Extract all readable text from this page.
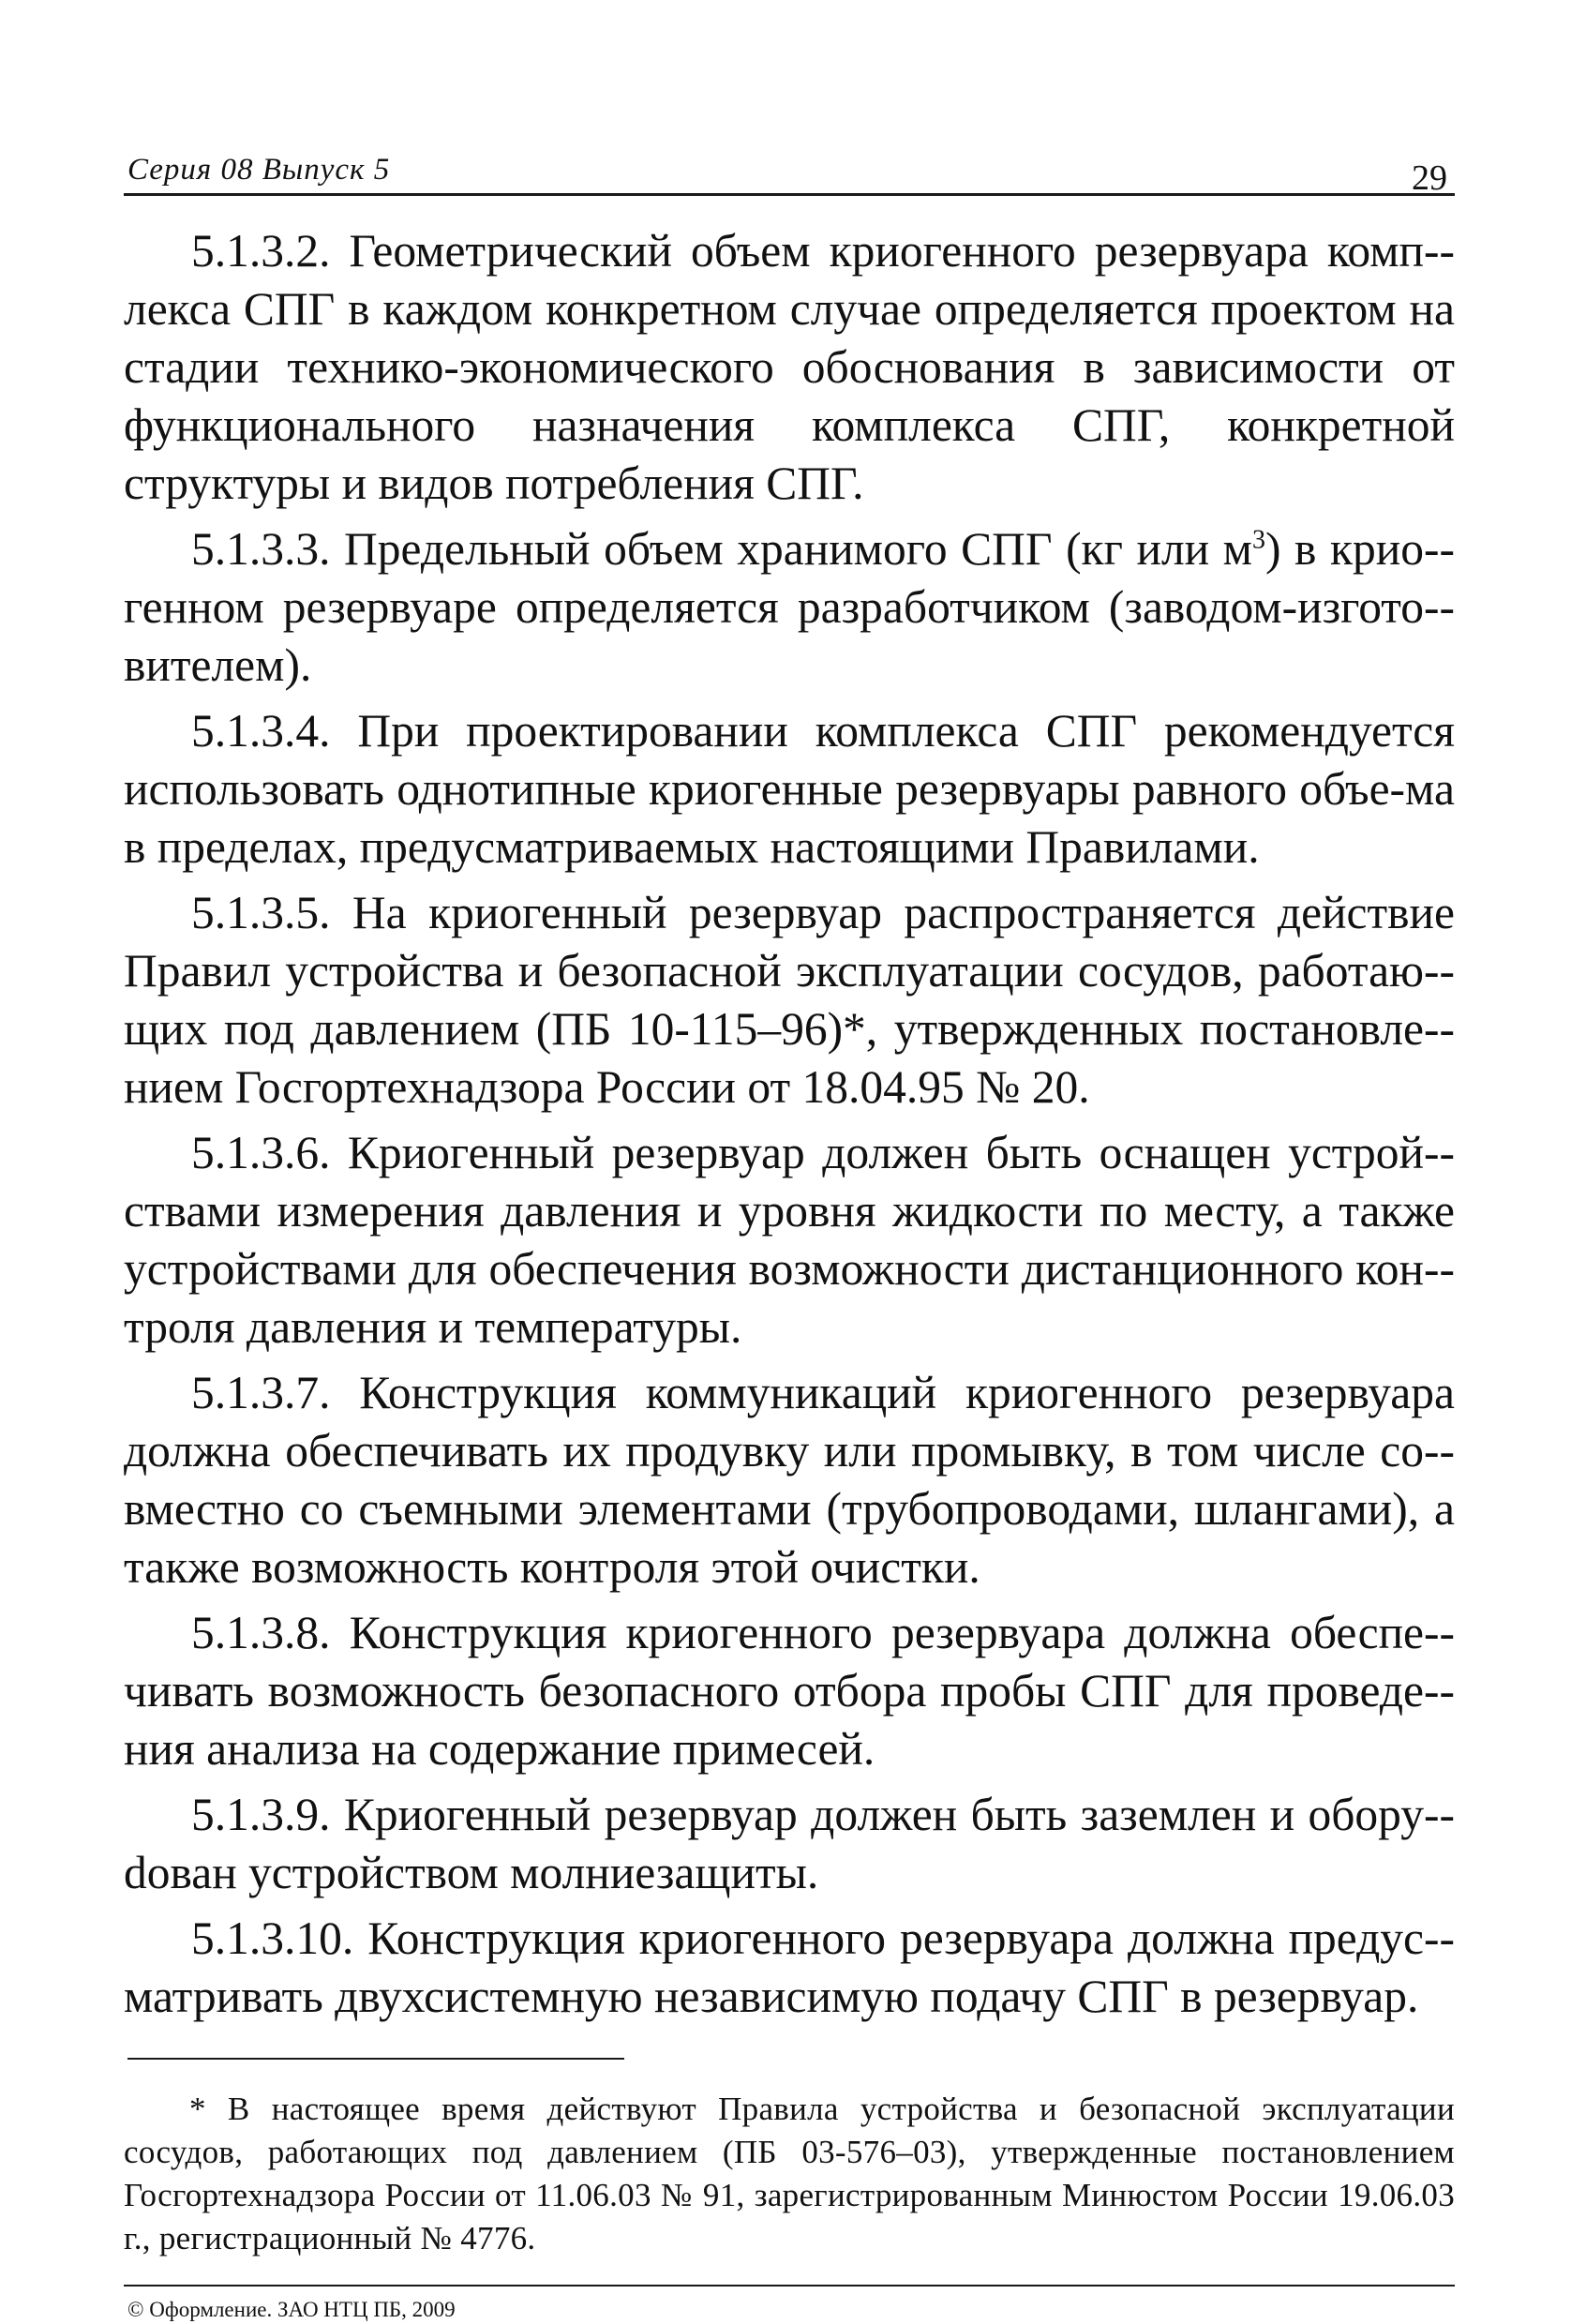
Серия 08 Выпуск 5	29

5.1.3.2. Геометрический объем криогенного резервуара комп-лекса СПГ в каждом конкретном случае определяется проектом на стадии технико-экономического обоснования в зависимости от функционального назначения комплекса СПГ, конкретной структуры и видов потребления СПГ.

5.1.3.3. Предельный объем хранимого СПГ (кг или $м^3$) в крио-генном резервуаре определяется разработчиком (заводом-изгото-вителем).

5.1.3.4. При проектировании комплекса СПГ рекомендуется использовать однотипные криогенные резервуары равного объе-ма в пределах, предусматриваемых настоящими Правилами.

5.1.3.5. На криогенный резервуар распространяется действие Правил устройства и безопасной эксплуатации сосудов, работаю-щих под давлением (ПБ 10-115–96)*, утвержденных постановле-нием Госгортехнадзора России от 18.04.95 № 20.

5.1.3.6. Криогенный резервуар должен быть оснащен устрой-ствами измерения давления и уровня жидкости по месту, а также устройствами для обеспечения возможности дистанционного кон-троля давления и температуры.

5.1.3.7. Конструкция коммуникаций криогенного резервуара должна обеспечивать их продувку или промывку, в том числе со-вместно со съемными элементами (трубопроводами, шлангами), а также возможность контроля этой очистки.

5.1.3.8. Конструкция криогенного резервуара должна обеспе-чивать возможность безопасного отбора пробы СПГ для проведе-ния анализа на содержание примесей.

5.1.3.9. Криогенный резервуар должен быть заземлен и обору-dован устройством молниезащиты.

5.1.3.10. Конструкция криогенного резервуара должна предус-матривать двухсистемную независимую подачу СПГ в резервуар.

* В настоящее время действуют Правила устройства и безопасной эксплуатации сосудов, работающих под давлением (ПБ 03-576–03), утвержденные постановлением Госгортехнадзора России от 11.06.03 № 91, зарегистрированным Минюстом России 19.06.03 г., регистрационный № 4776.

© Оформление. ЗАО НТЦ ПБ, 2009
